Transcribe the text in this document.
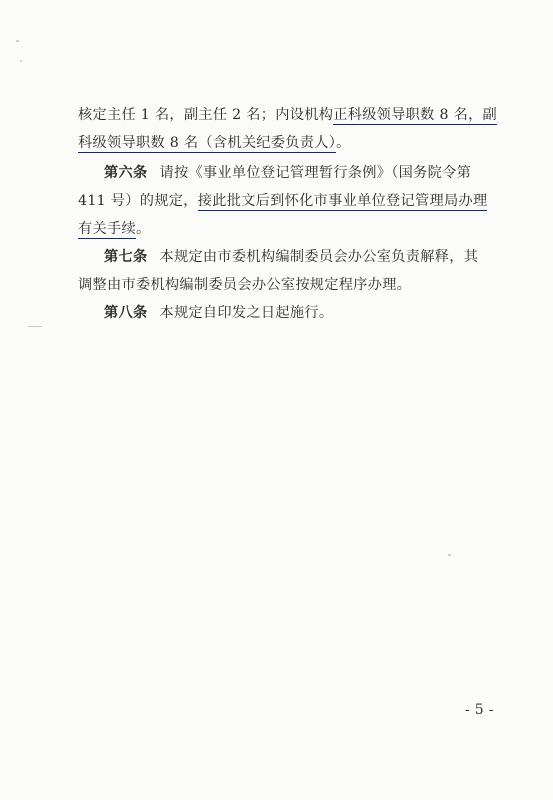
核定主任 1 名，副主任 2 名；内设机构正科级领导职数 8 名，副
科级领导职数 8 名（含机关纪委负责人）。
第六条 请按《事业单位登记管理暂行条例》（国务院令第
411 号）的规定，接此批文后到怀化市事业单位登记管理局办理
有关手续。
第七条 本规定由市委机构编制委员会办公室负责解释，其
调整由市委机构编制委员会办公室按规定程序办理。
第八条 本规定自印发之日起施行。
- 5 -
